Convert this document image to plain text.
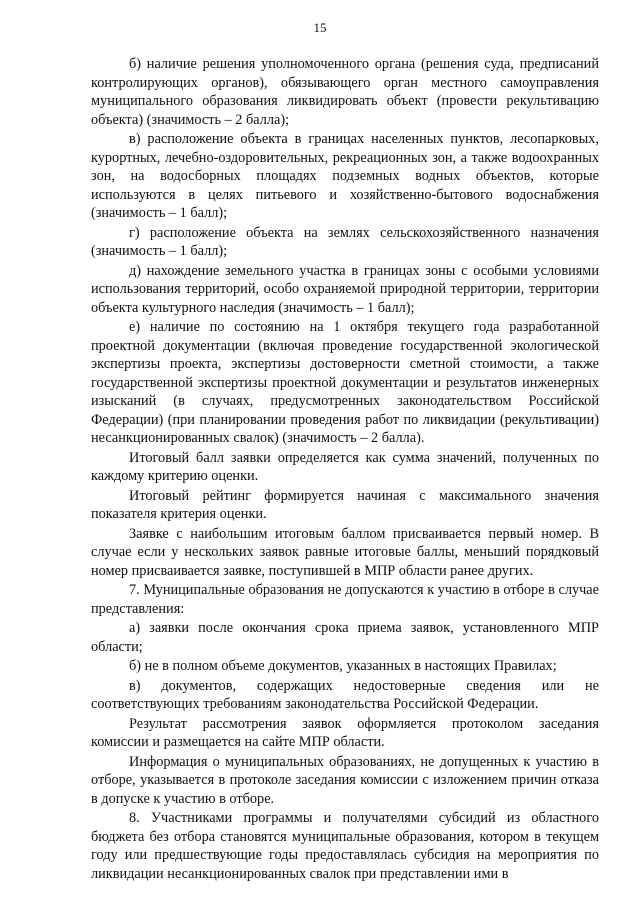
15

б) наличие решения уполномоченного органа (решения суда, предписаний контролирующих органов), обязывающего орган местного самоуправления муниципального образования ликвидировать объект (провести рекультивацию объекта) (значимость – 2 балла);

в) расположение объекта в границах населенных пунктов, лесопарковых, курортных, лечебно-оздоровительных, рекреационных зон, а также водоохранных зон, на водосборных площадях подземных водных объектов, которые используются в целях питьевого и хозяйственно-бытового водоснабжения (значимость – 1 балл);

г) расположение объекта на землях сельскохозяйственного назначения (значимость – 1 балл);

д) нахождение земельного участка в границах зоны с особыми условиями использования территорий, особо охраняемой природной территории, территории объекта культурного наследия (значимость – 1 балл);

е) наличие по состоянию на 1 октября текущего года разработанной проектной документации (включая проведение государственной экологической экспертизы проекта, экспертизы достоверности сметной стоимости, а также государственной экспертизы проектной документации и результатов инженерных изысканий (в случаях, предусмотренных законодательством Российской Федерации) (при планировании проведения работ по ликвидации (рекультивации) несанкционированных свалок) (значимость – 2 балла).

Итоговый балл заявки определяется как сумма значений, полученных по каждому критерию оценки.

Итоговый рейтинг формируется начиная с максимального значения показателя критерия оценки.

Заявке с наибольшим итоговым баллом присваивается первый номер. В случае если у нескольких заявок равные итоговые баллы, меньший порядковый номер присваивается заявке, поступившей в МПР области ранее других.

7. Муниципальные образования не допускаются к участию в отборе в случае представления:

а) заявки после окончания срока приема заявок, установленного МПР области;

б) не в полном объеме документов, указанных в настоящих Правилах;

в) документов, содержащих недостоверные сведения или не соответствующих требованиям законодательства Российской Федерации.

Результат рассмотрения заявок оформляется протоколом заседания комиссии и размещается на сайте МПР области.

Информация о муниципальных образованиях, не допущенных к участию в отборе, указывается в протоколе заседания комиссии с изложением причин отказа в допуске к участию в отборе.

8. Участниками программы и получателями субсидий из областного бюджета без отбора становятся муниципальные образования, котором в текущем году или предшествующие годы предоставлялась субсидия на мероприятия по ликвидации несанкционированных свалок при представлении ими в
